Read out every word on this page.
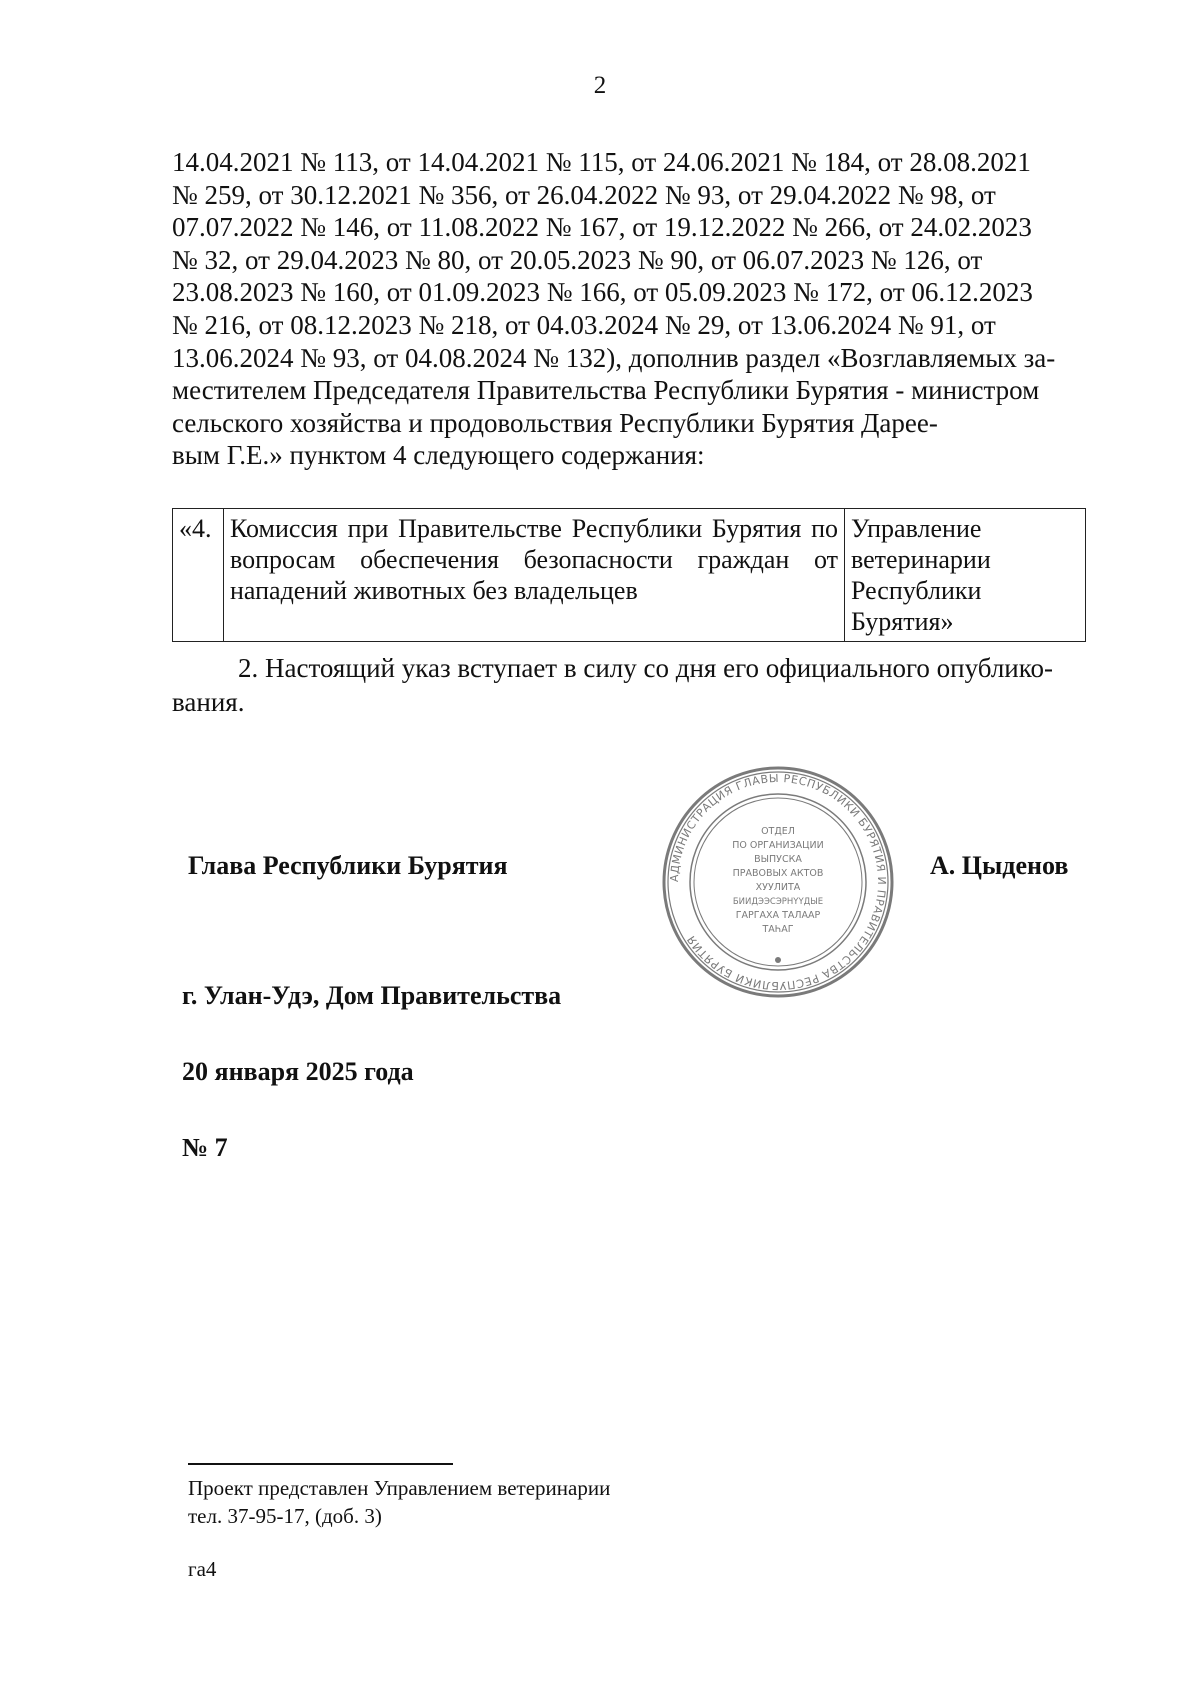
2

14.04.2021 № 113, от 14.04.2021 № 115, от 24.06.2021 № 184, от 28.08.2021

№ 259, от 30.12.2021 № 356, от 26.04.2022 № 93, от 29.04.2022 № 98, от

07.07.2022 № 146, от 11.08.2022 № 167, от 19.12.2022 № 266, от 24.02.2023

№ 32, от 29.04.2023 № 80, от 20.05.2023 № 90, от 06.07.2023 № 126, от

23.08.2023 № 160, от 01.09.2023 № 166, от 05.09.2023 № 172, от 06.12.2023

№ 216, от 08.12.2023 № 218, от 04.03.2024 № 29, от 13.06.2024 № 91, от

13.06.2024 № 93, от 04.08.2024 № 132), дополнив раздел «Возглавляемых за-

местителем Председателя Правительства Республики Бурятия - министром

сельского хозяйства и продовольствия Республики Бурятия Дарее-

вым Г.Е.» пунктом 4 следующего содержания:

«4.	Комиссия при Правительстве Республики Бурятия по вопросам обеспечения безопасности граждан от нападений животных без владельцев	Управление ветеринарии Республики Бурятия»
2. Настоящий указ вступает в силу со дня его официального опублико-
вания.
Глава Республики Бурятия	АДМИНИСТРАЦИЯ ГЛАВЫ РЕСПУБЛИКИ БУРЯТИЯ И ПРАВИТЕЛЬСТВА РЕСПУБЛИКИ БУРЯТИЯ
ОТДЕЛ
ПО ОРГАНИЗАЦИИ
ВЫПУСКА
ПРАВОВЫХ АКТОВ
ХУУЛИТА
БИИДЭЭСЭРНҮҮДЫЕ
ГАРГАХА ТАЛААР
ТАҺАГ
А. Цыденов
г. Улан-Удэ, Дом Правительства
20 января 2025 года
№ 7
Проект представлен Управлением ветеринарии
тел. 37-95-17, (доб. 3)
га4
